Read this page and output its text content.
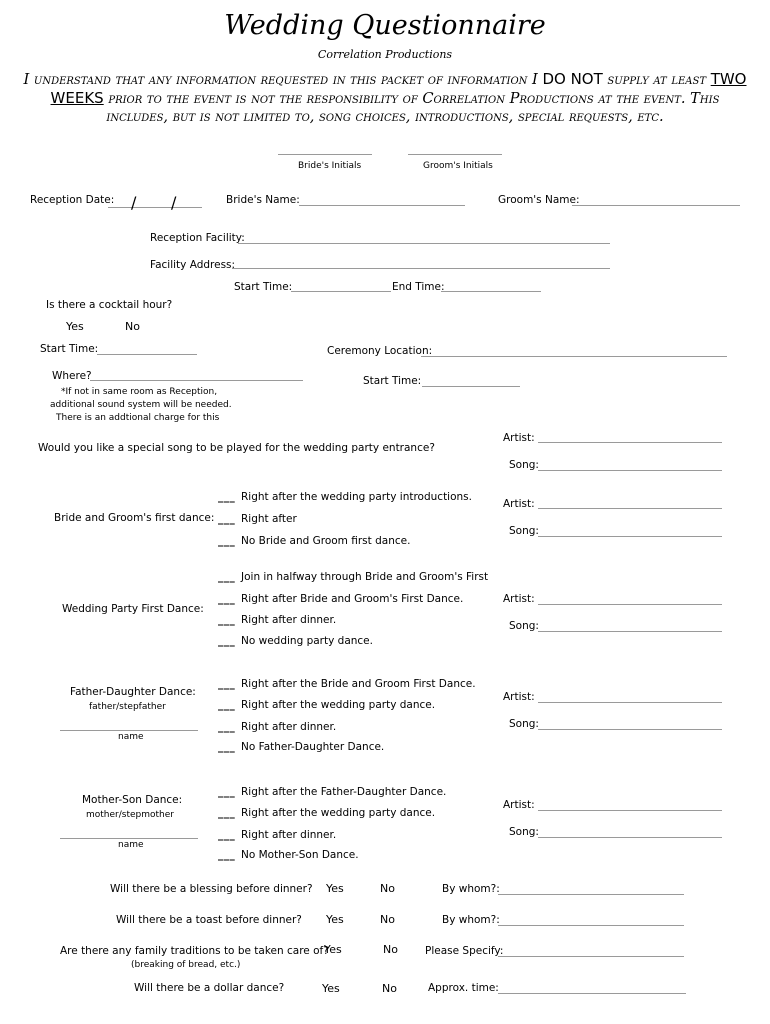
Wedding Questionnaire
Correlation Productions
I understand that any information requested in this packet of information I DO NOT supply at least TWO WEEKS prior to the event is not the responsibility of Correlation Productions at the event. This includes, but is not limited to, song choices, introductions, special requests, etc.
Bride's Initials	Groom's Initials
Reception Date: / /	Bride's Name:	Groom's Name:
Reception Facility:
Facility Address:
Start Time:	End Time:
Is there a cocktail hour?
Yes	No
Start Time:
Where?
*If not in same room as Reception,
additional sound system will be needed.
There is an addtional charge for this
Ceremony Location:
Start Time:
Would you like a special song to be played for the wedding party entrance?
Artist:
Song:
Bride and Groom's first dance:
___ Right after the wedding party introductions.
___ Right after
___ No Bride and Groom first dance.
Artist:
Song:
Wedding Party First Dance:
___ Join in halfway through Bride and Groom's First
___ Right after Bride and Groom's First Dance.
___ Right after dinner.
___ No wedding party dance.
Artist:
Song:
Father-Daughter Dance:
father/stepfather
name
___ Right after the Bride and Groom First Dance.
___ Right after the wedding party dance.
___ Right after dinner.
___ No Father-Daughter Dance.
Artist:
Song:
Mother-Son Dance:
mother/stepmother
name
___ Right after the Father-Daughter Dance.
___ Right after the wedding party dance.
___ Right after dinner.
___ No Mother-Son Dance.
Artist:
Song:
Will there be a blessing before dinner? Yes	No	By whom?:
Will there be a toast before dinner? Yes	No	By whom?:
Are there any family traditions to be taken care of?
(breaking of bread, etc.)
Yes	No	Please Specify:
Will there be a dollar dance?	Yes	No	Approx. time:
